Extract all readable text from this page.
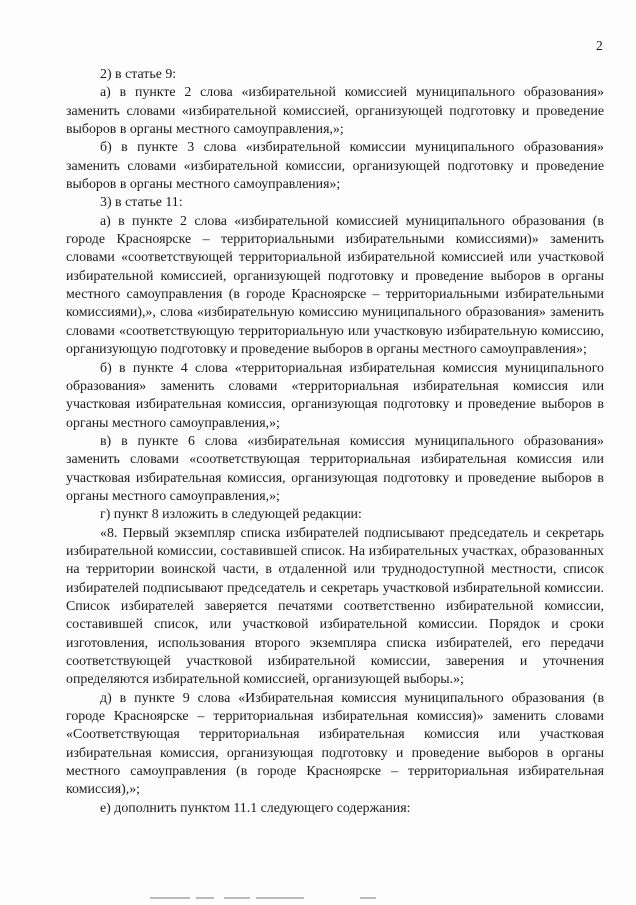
2

2) в статье 9:

а) в пункте 2 слова «избирательной комиссией муниципального образования» заменить словами «избирательной комиссией, организующей подготовку и проведение выборов в органы местного самоуправления,»;

б) в пункте 3 слова «избирательной комиссии муниципального образования» заменить словами «избирательной комиссии, организующей подготовку и проведение выборов в органы местного самоуправления»;

3) в статье 11:

а) в пункте 2 слова «избирательной комиссией муниципального образования (в городе Красноярске – территориальными избирательными комиссиями)» заменить словами «соответствующей территориальной избирательной комиссией или участковой избирательной комиссией, организующей подготовку и проведение выборов в органы местного самоуправления (в городе Красноярске – территориальными избирательными комиссиями),», слова «избирательную комиссию муниципального образования» заменить словами «соответствующую территориальную или участковую избирательную комиссию, организующую подготовку и проведение выборов в органы местного самоуправления»;

б) в пункте 4 слова «территориальная избирательная комиссия муниципального образования» заменить словами «территориальная избирательная комиссия или участковая избирательная комиссия, организующая подготовку и проведение выборов в органы местного самоуправления,»;

в) в пункте 6 слова «избирательная комиссия муниципального образования» заменить словами «соответствующая территориальная избирательная комиссия или участковая избирательная комиссия, организующая подготовку и проведение выборов в органы местного самоуправления,»;

г) пункт 8 изложить в следующей редакции:

«8. Первый экземпляр списка избирателей подписывают председатель и секретарь избирательной комиссии, составившей список. На избирательных участках, образованных на территории воинской части, в отдаленной или труднодоступной местности, список избирателей подписывают председатель и секретарь участковой избирательной комиссии. Список избирателей заверяется печатями соответственно избирательной комиссии, составившей список, или участковой избирательной комиссии. Порядок и сроки изготовления, использования второго экземпляра списка избирателей, его передачи соответствующей участковой избирательной комиссии, заверения и уточнения определяются избирательной комиссией, организующей выборы.»;

д) в пункте 9 слова «Избирательная комиссия муниципального образования (в городе Красноярске – территориальная избирательная комиссия)» заменить словами «Соответствующая территориальная избирательная комиссия или участковая избирательная комиссия, организующая подготовку и проведение выборов в органы местного самоуправления (в городе Красноярске – территориальная избирательная комиссия),»;

е) дополнить пунктом 11.1 следующего содержания:
